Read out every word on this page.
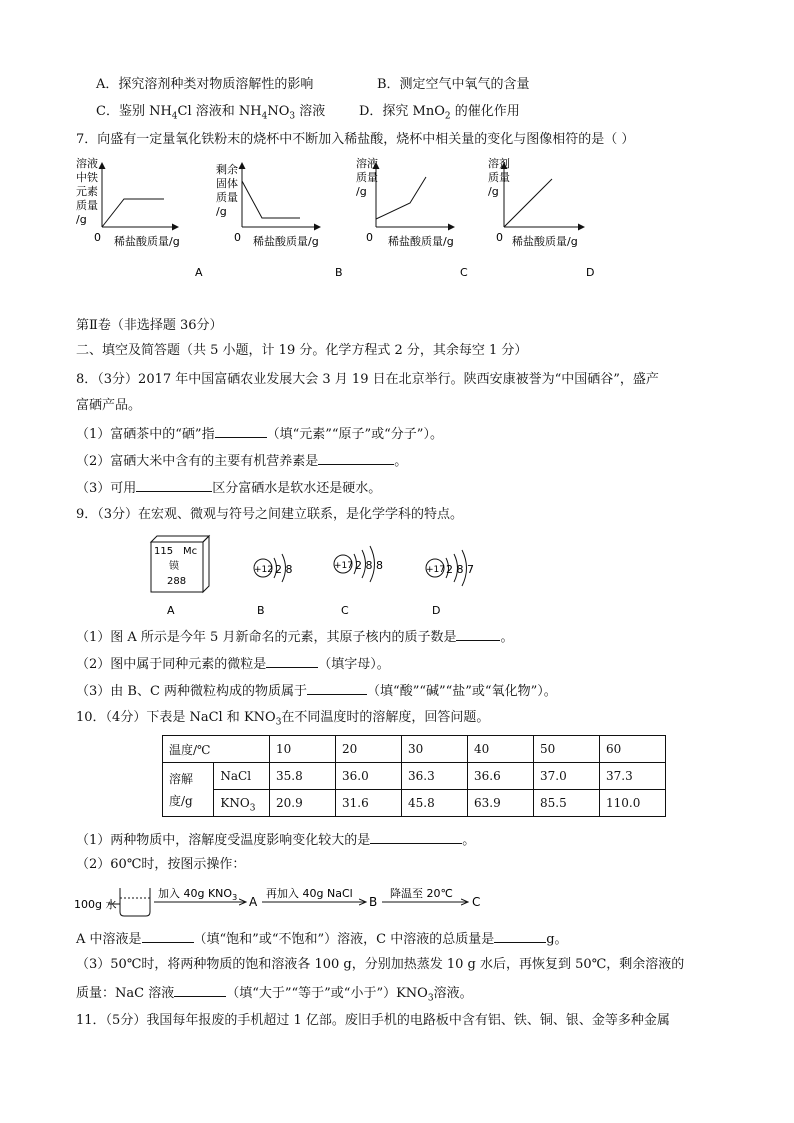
A．探究溶剂种类对物质溶解性的影响	B．测定空气中氧气的含量
C．鉴别 $NH_4Cl$ 溶液和 $NH_4NO_3$ 溶液	D．探究 MnO$_2$ 的催化作用
7．向盛有一定量氧化铁粉末的烧杯中不断加入稀盐酸，烧杯中相关量的变化与图像相符的是（ ）
溶液
中铁
元素
质量
/g
0 稀盐酸质量/g
A
剩余
固体
质量
/g
0 稀盐酸质量/g
B
溶液
质量
/g
0 稀盐酸质量/g
C
溶剂
质量
/g
0 稀盐酸质量/g
D
第Ⅱ卷（非选择题 36分）
二、填空及简答题（共 5 小题，计 19 分。化学方程式 2 分，其余每空 1 分）
8．（3分）2017 年中国富硒农业发展大会 3 月 19 日在北京举行。陕西安康被誉为“中国硒谷”，盛产
富硒产品。
（1）富硒茶中的“硒”指	（填“元素”“原子”或“分子”）。
（2）富硒大米中含有的主要有机营养素是	。
（3）可用	区分富硒水是软水还是硬水。
9．（3分）在宏观、微观与符号之间建立联系，是化学学科的特点。
115 Mc
镆
288
A
+12 2 8
B
+17 2 8 8
C
+17 2 8 7
D
（1）图 A 所示是今年 5 月新命名的元素，其原子核内的质子数是	。
（2）图中属于同种元素的微粒是	（填字母）。
（3）由 B、C 两种微粒构成的物质属于	（填“酸”“碱”“盐”或“氧化物”）。
10．（4分）下表是 NaCl 和 $KNO_3$在不同温度时的溶解度，回答问题。
温度/℃		10	20	30	40	50	60
溶解
度/g	NaCl	35.8	36.0	36.3	36.6	37.0	37.3
	$KNO_3$	20.9	31.6	45.8	63.9	85.5	110.0
（1）两种物质中，溶解度受温度影响变化较大的是	。
（2）60℃时，按图示操作：
100g 水
加入 40g $KNO_3$ A
再加入 40g NaCl
B
降温至 20℃
C
A 中溶液是	（填“饱和”或“不饱和”）溶液，C 中溶液的总质量是	g。
（3）50℃时，将两种物质的饱和溶液各 100 g，分别加热蒸发 10 g 水后，再恢复到 50℃，剩余溶液的
质量：NaC 溶液	（填“大于”“等于”或“小于$”)KNO_3$溶液。
11．（5分）我国每年报废的手机超过 1 亿部。废旧手机的电路板中含有铝、铁、铜、银、金等多种金属
